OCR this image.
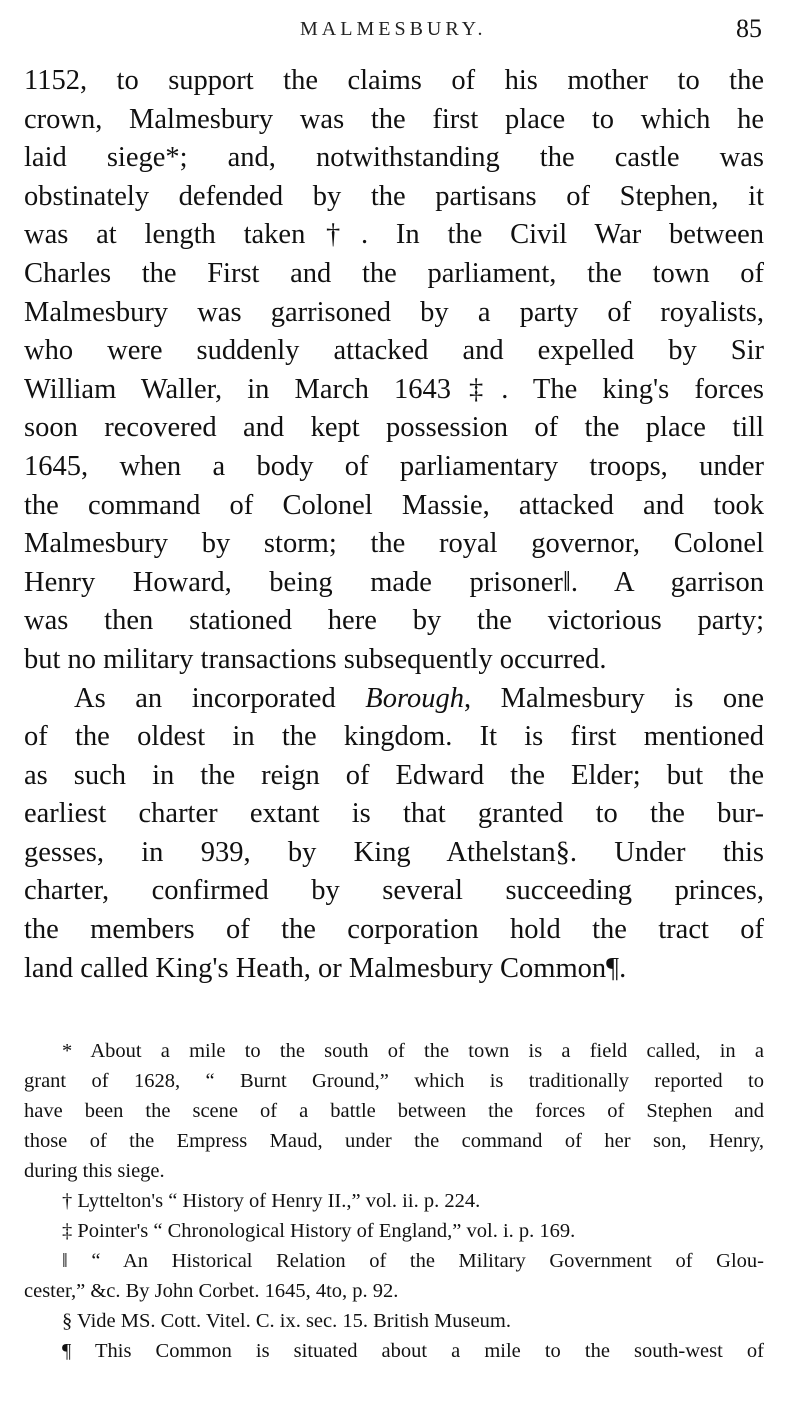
MALMESBURY.	85
1152, to support the claims of his mother to the
crown, Malmesbury was the first place to which he
laid siege*; and, notwithstanding the castle was
obstinately defended by the partisans of Stephen, it
was at length taken†. In the Civil War between
Charles the First and the parliament, the town of
Malmesbury was garrisoned by a party of royalists,
who were suddenly attacked and expelled by Sir
William Waller, in March 1643‡. The king's forces
soon recovered and kept possession of the place till
1645, when a body of parliamentary troops, under
the command of Colonel Massie, attacked and took
Malmesbury by storm; the royal governor, Colonel
Henry Howard, being made prisoner‖. A garrison
was then stationed here by the victorious party;
but no military transactions subsequently occurred.
As an incorporated Borough, Malmesbury is one
of the oldest in the kingdom. It is first mentioned
as such in the reign of Edward the Elder; but the
earliest charter extant is that granted to the bur-
gesses, in 939, by King Athelstan§. Under this
charter, confirmed by several succeeding princes,
the members of the corporation hold the tract of
land called King's Heath, or Malmesbury Common¶.
* About a mile to the south of the town is a field called, in a
grant of 1628, “ Burnt Ground,” which is traditionally reported to
have been the scene of a battle between the forces of Stephen and
those of the Empress Maud, under the command of her son, Henry,
during this siege.
† Lyttelton's “ History of Henry II.,” vol. ii. p. 224.
‡ Pointer's “ Chronological History of England,” vol. i. p. 169.
‖ “ An Historical Relation of the Military Government of Glou-
cester,” &c. By John Corbet. 1645, 4to, p. 92.
§ Vide MS. Cott. Vitel. C. ix. sec. 15. British Museum.
¶ This Common is situated about a mile to the south-west of
